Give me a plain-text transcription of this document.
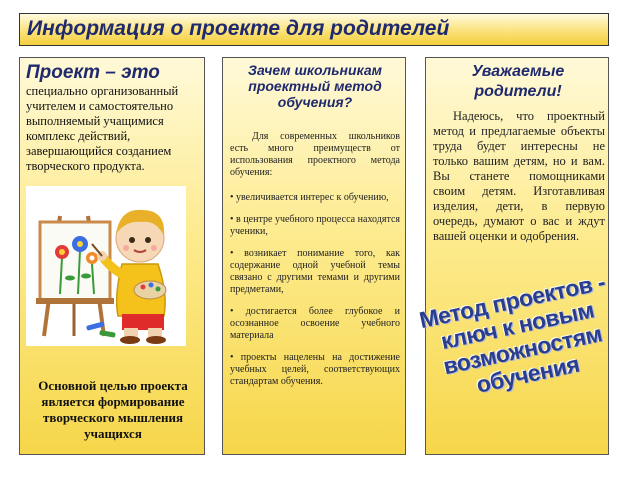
Информация о проекте для родителей
Проект – это
специально организованный учителем и самостоятельно выполняемый учащимися комплекс действий, завершающийся созданием творческого продукта.
Основной целью проекта является формирование творческого мышления учащихся
Зачем школьникам проектный метод обучения?
Для современных школьников есть много преимуществ от использования проектного метода обучения:
• увеличивается интерес к обучению,
• в центре учебного процесса находятся ученики,
• возникает понимание того, как содержание одной учебной темы связано с другими темами и другими предметами,
• достигается более глубокое и осознанное освоение учебного материала
• проекты нацелены на достижение учебных целей, соответствующих стандартам обучения.
Уважаемые родители!
Надеюсь, что проектный метод и предлагаемые объекты труда будет интересны не только вашим детям, но и вам. Вы станете помощниками своим детям. Изготавливая изделия, дети, в первую очередь, думают о вас и ждут вашей оценки и одобрения.
Метод проектов - ключ к новым возможностям обучения
